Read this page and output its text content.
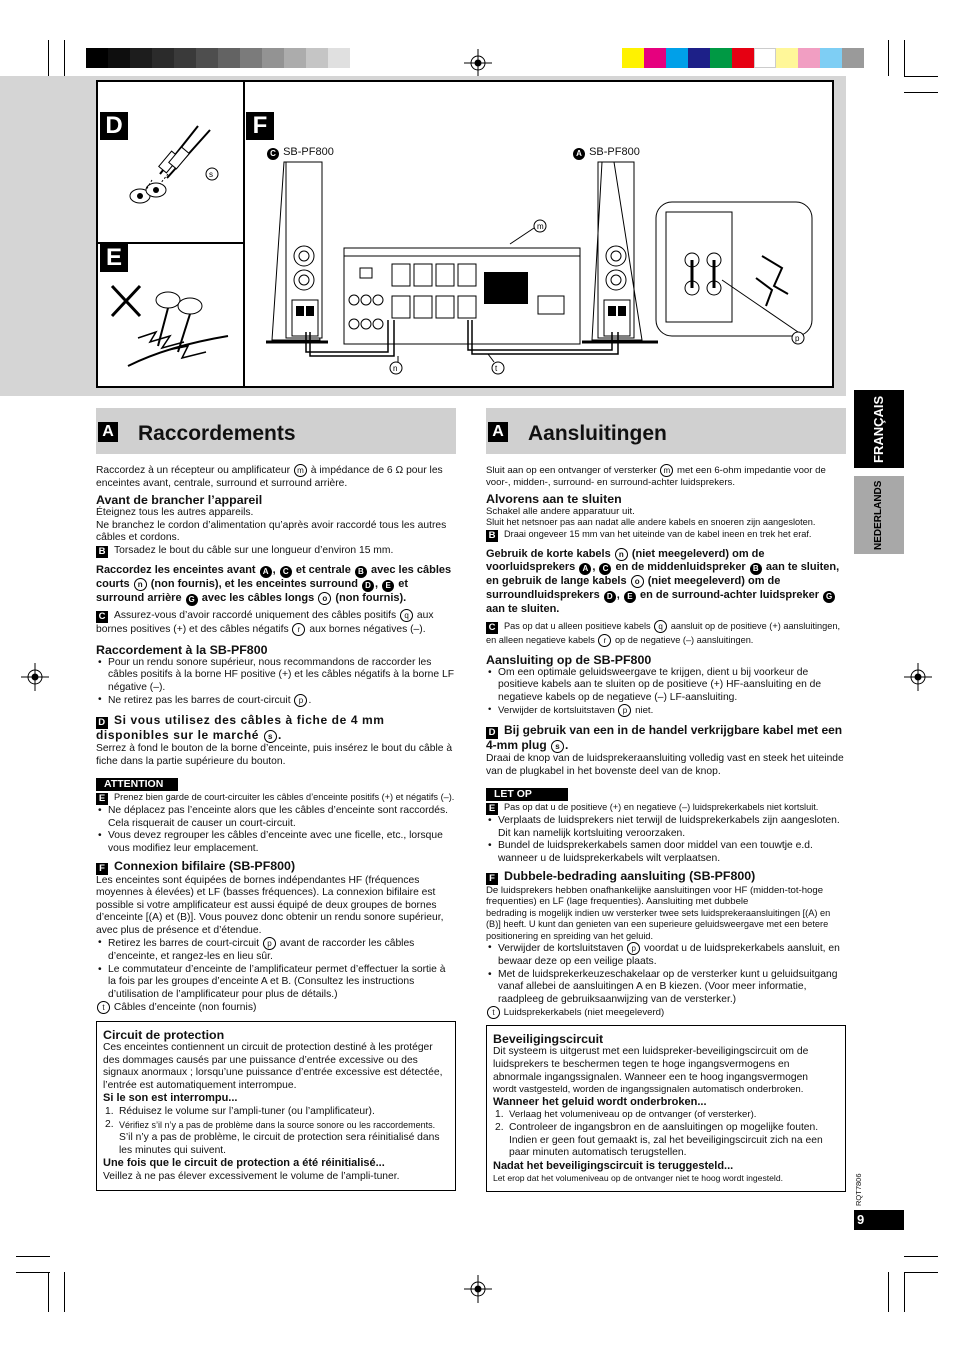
D
E
F
s
C SB-PF800	A SB-PF800
m
n	t
p
FRANÇAIS
NEDERLANDS
RQT7806
9
A Raccordements

Raccordez à un récepteur ou amplificateur m à impédance de 6 Ω pour les enceintes avant, centrale, surround et surround arrière.

Avant de brancher l’appareil

Éteignez tous les autres appareils.

Ne branchez le cordon d’alimentation qu’après avoir raccordé tous les autres câbles et cordons.

B Torsadez le bout du câble sur une longueur d’environ 15 mm.

Raccordez les enceintes avant A , C et centrale B avec les câbles courts n (non fournis), et les enceintes surround D , E et surround arrière G avec les câbles longs o (non fournis).

C Assurez-vous d’avoir raccordé uniquement des câbles positifs q aux bornes positives (+) et des câbles négatifs r aux bornes négatives (–).

Raccordement à la SB-PF800

• Pour un rendu sonore supérieur, nous recommandons de raccorder les câbles positifs à la borne HF positive (+) et les câbles négatifs à la borne LF négative (–).
• Ne retirez pas les barres de court-circuit p .

D Si vous utilisez des câbles à fiche de 4 mm disponibles sur le marché s .

Serrez à fond le bouton de la borne d’enceinte, puis insérez le bout du câble à fiche dans la partie supérieure du bouton.

ATTENTION

E Prenez bien garde de court-circuiter les câbles d’enceinte positifs (+) et négatifs (–).

• Ne déplacez pas l’enceinte alors que les câbles d’enceinte sont raccordés. Cela risquerait de causer un court-circuit.
• Vous devez regrouper les câbles d’enceinte avec une ficelle, etc., lorsque vous modifiez leur emplacement.

F Connexion bifilaire (SB-PF800)

Les enceintes sont équipées de bornes indépendantes HF (fréquences moyennes à élevées) et LF (basses fréquences). La connexion bifilaire est possible si votre amplificateur est aussi équipé de deux groupes de bornes d’enceinte [(A) et (B)]. Vous pouvez donc obtenir un rendu sonore supérieur, avec plus de présence et d’étendue.

• Retirez les barres de court-circuit p avant de raccorder les câbles d’enceinte, et rangez-les en lieu sûr.
• Le commutateur d’enceinte de l’amplificateur permet d’effectuer la sortie à la fois par les groupes d’enceinte A et B. (Consultez les instructions d’utilisation de l’amplificateur pour plus de détails.)

t Câbles d’enceinte (non fournis)

Circuit de protection

Ces enceintes contiennent un circuit de protection destiné à les protéger des dommages causés par une puissance d’entrée excessive ou des signaux anormaux ; lorsqu’une puissance d’entrée excessive est détectée, l’entrée est automatiquement interrompue.

Si le son est interrompu...

1. Réduisez le volume sur l’ampli-tuner (ou l’amplificateur).
2. Vérifiez s’il n’y a pas de problème dans la source sonore ou les raccordements.
S’il n’y a pas de problème, le circuit de protection sera réinitialisé dans les minutes qui suivent.

Une fois que le circuit de protection a été réinitialisé...

Veillez à ne pas élever excessivement le volume de l’ampli-tuner.

A Aansluitingen

Sluit aan op een ontvanger of versterker m met een 6-ohm impedantie voor de voor-, midden-, surround- en surround-achter luidsprekers.

Alvorens aan te sluiten

Schakel alle andere apparatuur uit.

Sluit het netsnoer pas aan nadat alle andere kabels en snoeren zijn aangesloten.

B Draai ongeveer 15 mm van het uiteinde van de kabel ineen en trek het eraf.

Gebruik de korte kabels n (niet meegeleverd) om de voorluidsprekers A , C en de middenluidspreker B aan te sluiten, en gebruik de lange kabels o (niet meegeleverd) om de surroundluidsprekers D , E en de surround-achter luidspreker G aan te sluiten.

C Pas op dat u alleen positieve kabels q aansluit op de positieve (+) aansluitingen, en alleen negatieve kabels r op de negatieve (–) aansluitingen.

Aansluiting op de SB-PF800

• Om een optimale geluidsweergave te krijgen, dient u bij voorkeur de positieve kabels aan te sluiten op de positieve (+) HF-aansluiting en de negatieve kabels op de negatieve (–) LF-aansluiting.
• Verwijder de kortsluitstaven p niet.

D Bij gebruik van een in de handel verkrijgbare kabel met een 4-mm plug s .

Draai de knop van de luidsprekeraansluiting volledig vast en steek het uiteinde van de plugkabel in het bovenste deel van de knop.

LET OP

E Pas op dat u de positieve (+) en negatieve (–) luidsprekerkabels niet kortsluit.

• Verplaats de luidsprekers niet terwijl de luidsprekerkabels zijn aangesloten. Dit kan namelijk kortsluiting veroorzaken.
• Bundel de luidsprekerkabels samen door middel van een touwtje e.d. wanneer u de luidsprekerkabels wilt verplaatsen.

F Dubbele-bedrading aansluiting (SB-PF800)

De luidsprekers hebben onafhankelijke aansluitingen voor HF (midden-tot-hoge frequenties) en LF (lage frequenties). Aansluiting met dubbele

bedrading is mogelijk indien uw versterker twee sets luidsprekeraansluitingen [(A) en (B)] heeft. U kunt dan genieten van een superieure geluidsweergave met een betere positionering en spreiding van het geluid.

• Verwijder de kortsluitstaven p voordat u de luidsprekerkabels aansluit, en bewaar deze op een veilige plaats.
• Met de luidsprekerkeuzeschakelaar op de versterker kunt u geluidsuitgang vanaf allebei de aansluitingen A en B kiezen. (Voor meer informatie, raadpleeg de gebruiksaanwijzing van de versterker.)

t Luidsprekerkabels (niet meegeleverd)

Beveiligingscircuit

Dit systeem is uitgerust met een luidspreker-beveiligingscircuit om de luidsprekers te beschermen tegen te hoge ingangsvermogens en abnormale ingangssignalen. Wanneer een te hoog ingangsvermogen

wordt vastgesteld, worden de ingangssignalen automatisch onderbroken.

Wanneer het geluid wordt onderbroken...

1. Verlaag het volumeniveau op de ontvanger (of versterker).
2. Controleer de ingangsbron en de aansluitingen op mogelijke fouten. Indien er geen fout gemaakt is, zal het beveiligingscircuit zich na een paar minuten automatisch terugstellen.

Nadat het beveiligingscircuit is teruggesteld...

Let erop dat het volumeniveau op de ontvanger niet te hoog wordt ingesteld.
